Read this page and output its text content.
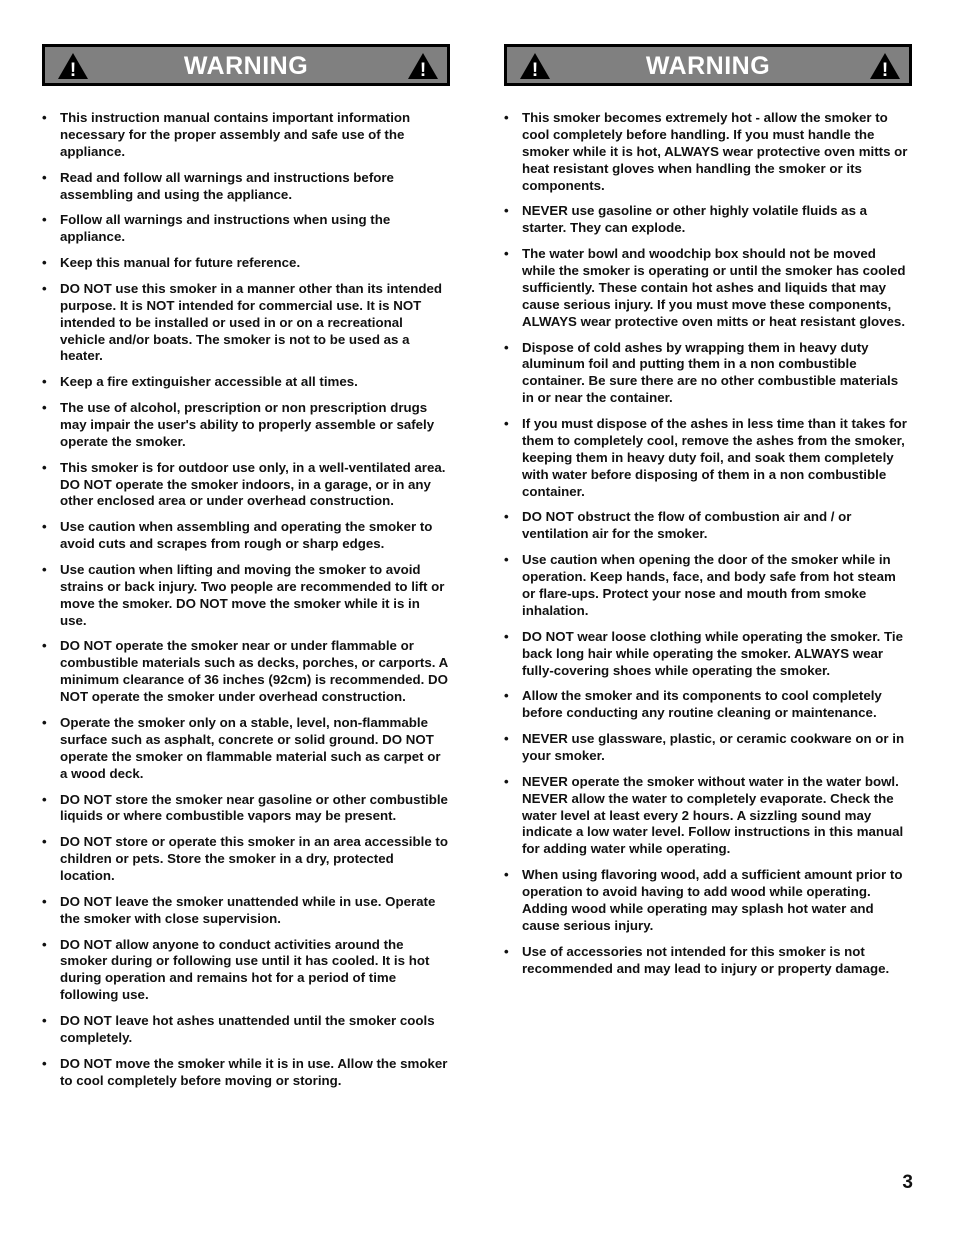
!	WARNING	!
• This instruction manual contains important information necessary for the proper assembly and safe use of the appliance.
• Read and follow all warnings and instructions before assembling and using the appliance.
• Follow all warnings and instructions when using the appliance.
• Keep this manual for future reference.
• DO NOT use this smoker in a manner other than its intended purpose. It is NOT intended for commercial use. It is NOT intended to be installed or used in or on a recreational vehicle and/or boats. The smoker is not to be used as a heater.
• Keep a fire extinguisher accessible at all times.
• The use of alcohol, prescription or non prescription drugs may impair the user's ability to properly assemble or safely operate the smoker.
• This smoker is for outdoor use only, in a well-ventilated area. DO NOT operate the smoker indoors, in a garage, or in any other enclosed area or under overhead construction.
• Use caution when assembling and operating the smoker to avoid cuts and scrapes from rough or sharp edges.
• Use caution when lifting and moving the smoker to avoid strains or back injury. Two people are recommended to lift or move the smoker. DO NOT move the smoker while it is in use.
• DO NOT operate the smoker near or under flammable or combustible materials such as decks, porches, or carports. A minimum clearance of 36 inches (92cm) is recommended. DO NOT operate the smoker under overhead construction.
• Operate the smoker only on a stable, level, non-flammable surface such as asphalt, concrete or solid ground. DO NOT operate the smoker on flammable material such as carpet or a wood deck.
• DO NOT store the smoker near gasoline or other combustible liquids or where combustible vapors may be present.
• DO NOT store or operate this smoker in an area accessible to children or pets. Store the smoker in a dry, protected location.
• DO NOT leave the smoker unattended while in use. Operate the smoker with close supervision.
• DO NOT allow anyone to conduct activities around the smoker during or following use until it has cooled. It is hot during operation and remains hot for a period of time following use.
• DO NOT leave hot ashes unattended until the smoker cools completely.
• DO NOT move the smoker while it is in use. Allow the smoker to cool completely before moving or storing.
!	WARNING	!
• This smoker becomes extremely hot - allow the smoker to cool completely before handling. If you must handle the smoker while it is hot, ALWAYS wear protective oven mitts or heat resistant gloves when handling the smoker or its components.
• NEVER use gasoline or other highly volatile fluids as a starter. They can explode.
• The water bowl and woodchip box should not be moved while the smoker is operating or until the smoker has cooled sufficiently. These contain hot ashes and liquids that may cause serious injury. If you must move these components, ALWAYS wear protective oven mitts or heat resistant gloves.
• Dispose of cold ashes by wrapping them in heavy duty aluminum foil and putting them in a non combustible container. Be sure there are no other combustible materials in or near the container.
• If you must dispose of the ashes in less time than it takes for them to completely cool, remove the ashes from the smoker, keeping them in heavy duty foil, and soak them completely with water before disposing of them in a non combustible container.
• DO NOT obstruct the flow of combustion air and / or ventilation air for the smoker.
• Use caution when opening the door of the smoker while in operation. Keep hands, face, and body safe from hot steam or flare-ups. Protect your nose and mouth from smoke inhalation.
• DO NOT wear loose clothing while operating the smoker. Tie back long hair while operating the smoker. ALWAYS wear fully-covering shoes while operating the smoker.
• Allow the smoker and its components to cool completely before conducting any routine cleaning or maintenance.
• NEVER use glassware, plastic, or ceramic cookware on or in your smoker.
• NEVER operate the smoker without water in the water bowl. NEVER allow the water to completely evaporate. Check the water level at least every 2 hours. A sizzling sound may indicate a low water level. Follow instructions in this manual for adding water while operating.
• When using flavoring wood, add a sufficient amount prior to operation to avoid having to add wood while operating. Adding wood while operating may splash hot water and cause serious injury.
• Use of accessories not intended for this smoker is not recommended and may lead to injury or property damage.
3
